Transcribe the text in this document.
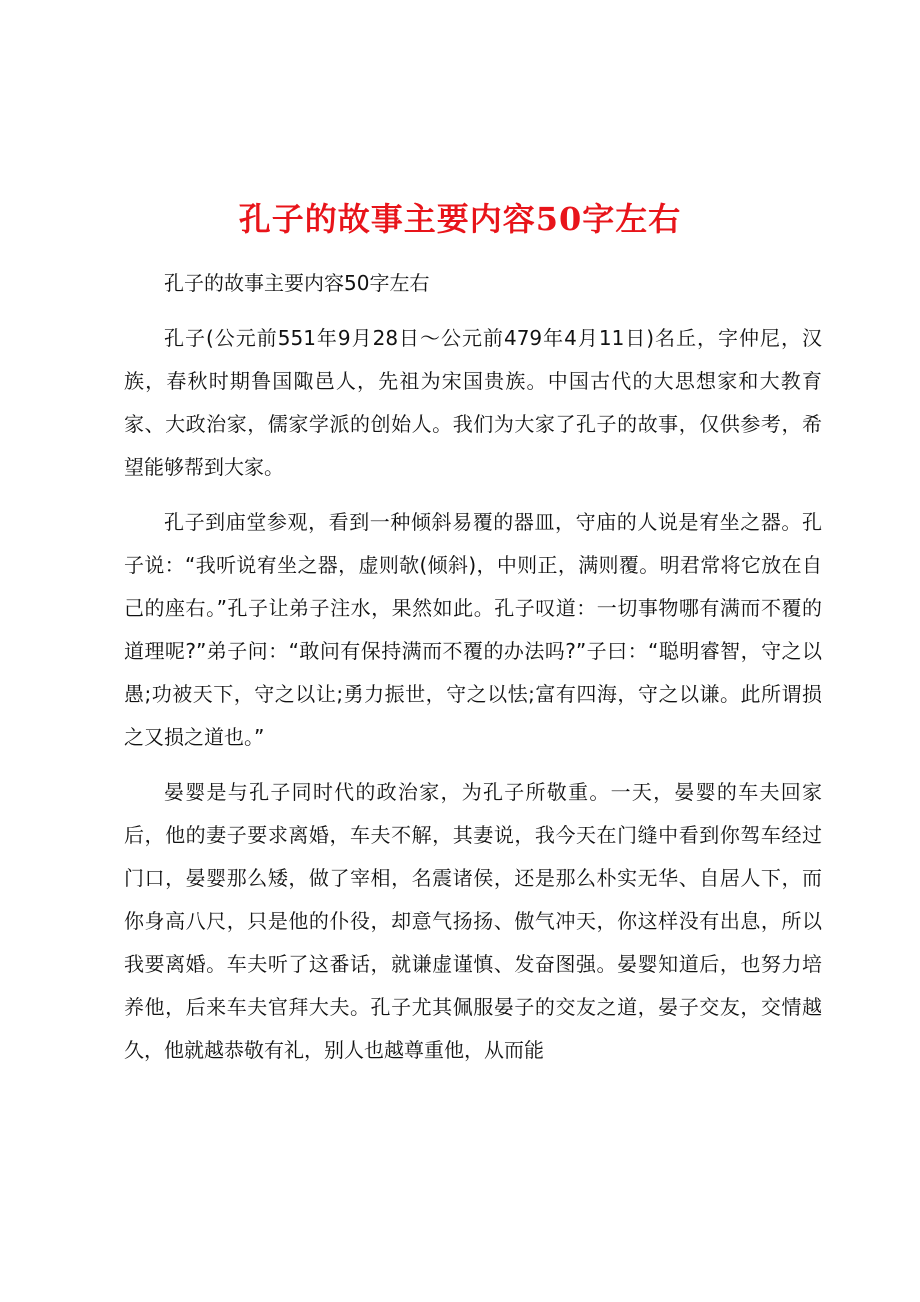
孔子的故事主要内容50字左右

孔子的故事主要内容50字左右

孔子(公元前551年9月28日～公元前479年4月11日)名丘，字仲尼，汉族，春秋时期鲁国陬邑人，先祖为宋国贵族。中国古代的大思想家和大教育家、大政治家，儒家学派的创始人。我们为大家了孔子的故事，仅供参考，希望能够帮到大家。

孔子到庙堂参观，看到一种倾斜易覆的器皿，守庙的人说是宥坐之器。孔子说：“我听说宥坐之器，虚则欹(倾斜)，中则正，满则覆。明君常将它放在自己的座右。”孔子让弟子注水，果然如此。孔子叹道：一切事物哪有满而不覆的道理呢?”弟子问：“敢问有保持满而不覆的办法吗?”子曰：“聪明睿智，守之以愚;功被天下，守之以让;勇力振世，守之以怯;富有四海，守之以谦。此所谓损之又损之道也。”

晏婴是与孔子同时代的政治家，为孔子所敬重。一天，晏婴的车夫回家后，他的妻子要求离婚，车夫不解，其妻说，我今天在门缝中看到你驾车经过门口，晏婴那么矮，做了宰相，名震诸侯，还是那么朴实无华、自居人下，而你身高八尺，只是他的仆役，却意气扬扬、傲气冲天，你这样没有出息，所以我要离婚。车夫听了这番话，就谦虚谨慎、发奋图强。晏婴知道后，也努力培养他，后来车夫官拜大夫。孔子尤其佩服晏子的交友之道，晏子交友，交情越久，他就越恭敬有礼，别人也越尊重他，从而能
